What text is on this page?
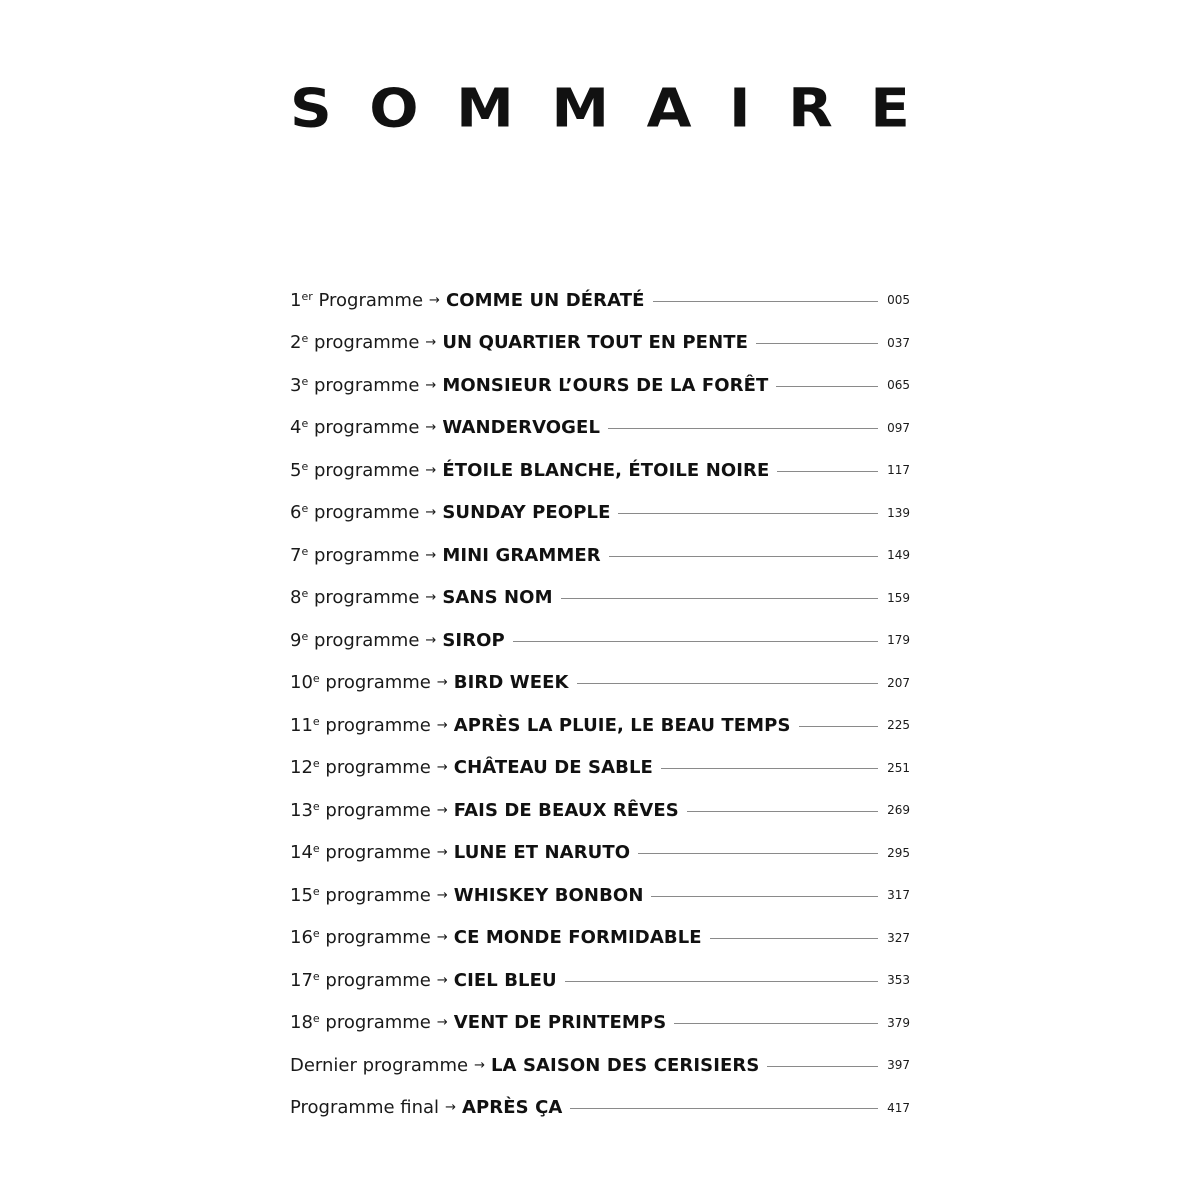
S O M M A I R E
1er Programme → COMME UN DÉRATÉ	005
2e programme → UN QUARTIER TOUT EN PENTE	037
3e programme → MONSIEUR L’OURS DE LA FORÊT	065
4e programme → WANDERVOGEL	097
5e programme → ÉTOILE BLANCHE, ÉTOILE NOIRE	117
6e programme → SUNDAY PEOPLE	139
7e programme → MINI GRAMMER	149
8e programme → SANS NOM	159
9e programme → SIROP	179
10e programme → BIRD WEEK	207
11e programme → APRÈS LA PLUIE, LE BEAU TEMPS	225
12e programme → CHÂTEAU DE SABLE	251
13e programme → FAIS DE BEAUX RÊVES	269
14e programme → LUNE ET NARUTO	295
15e programme → WHISKEY BONBON	317
16e programme → CE MONDE FORMIDABLE	327
17e programme → CIEL BLEU	353
18e programme → VENT DE PRINTEMPS	379
Dernier programme → LA SAISON DES CERISIERS	397
Programme final → APRÈS ÇA	417
